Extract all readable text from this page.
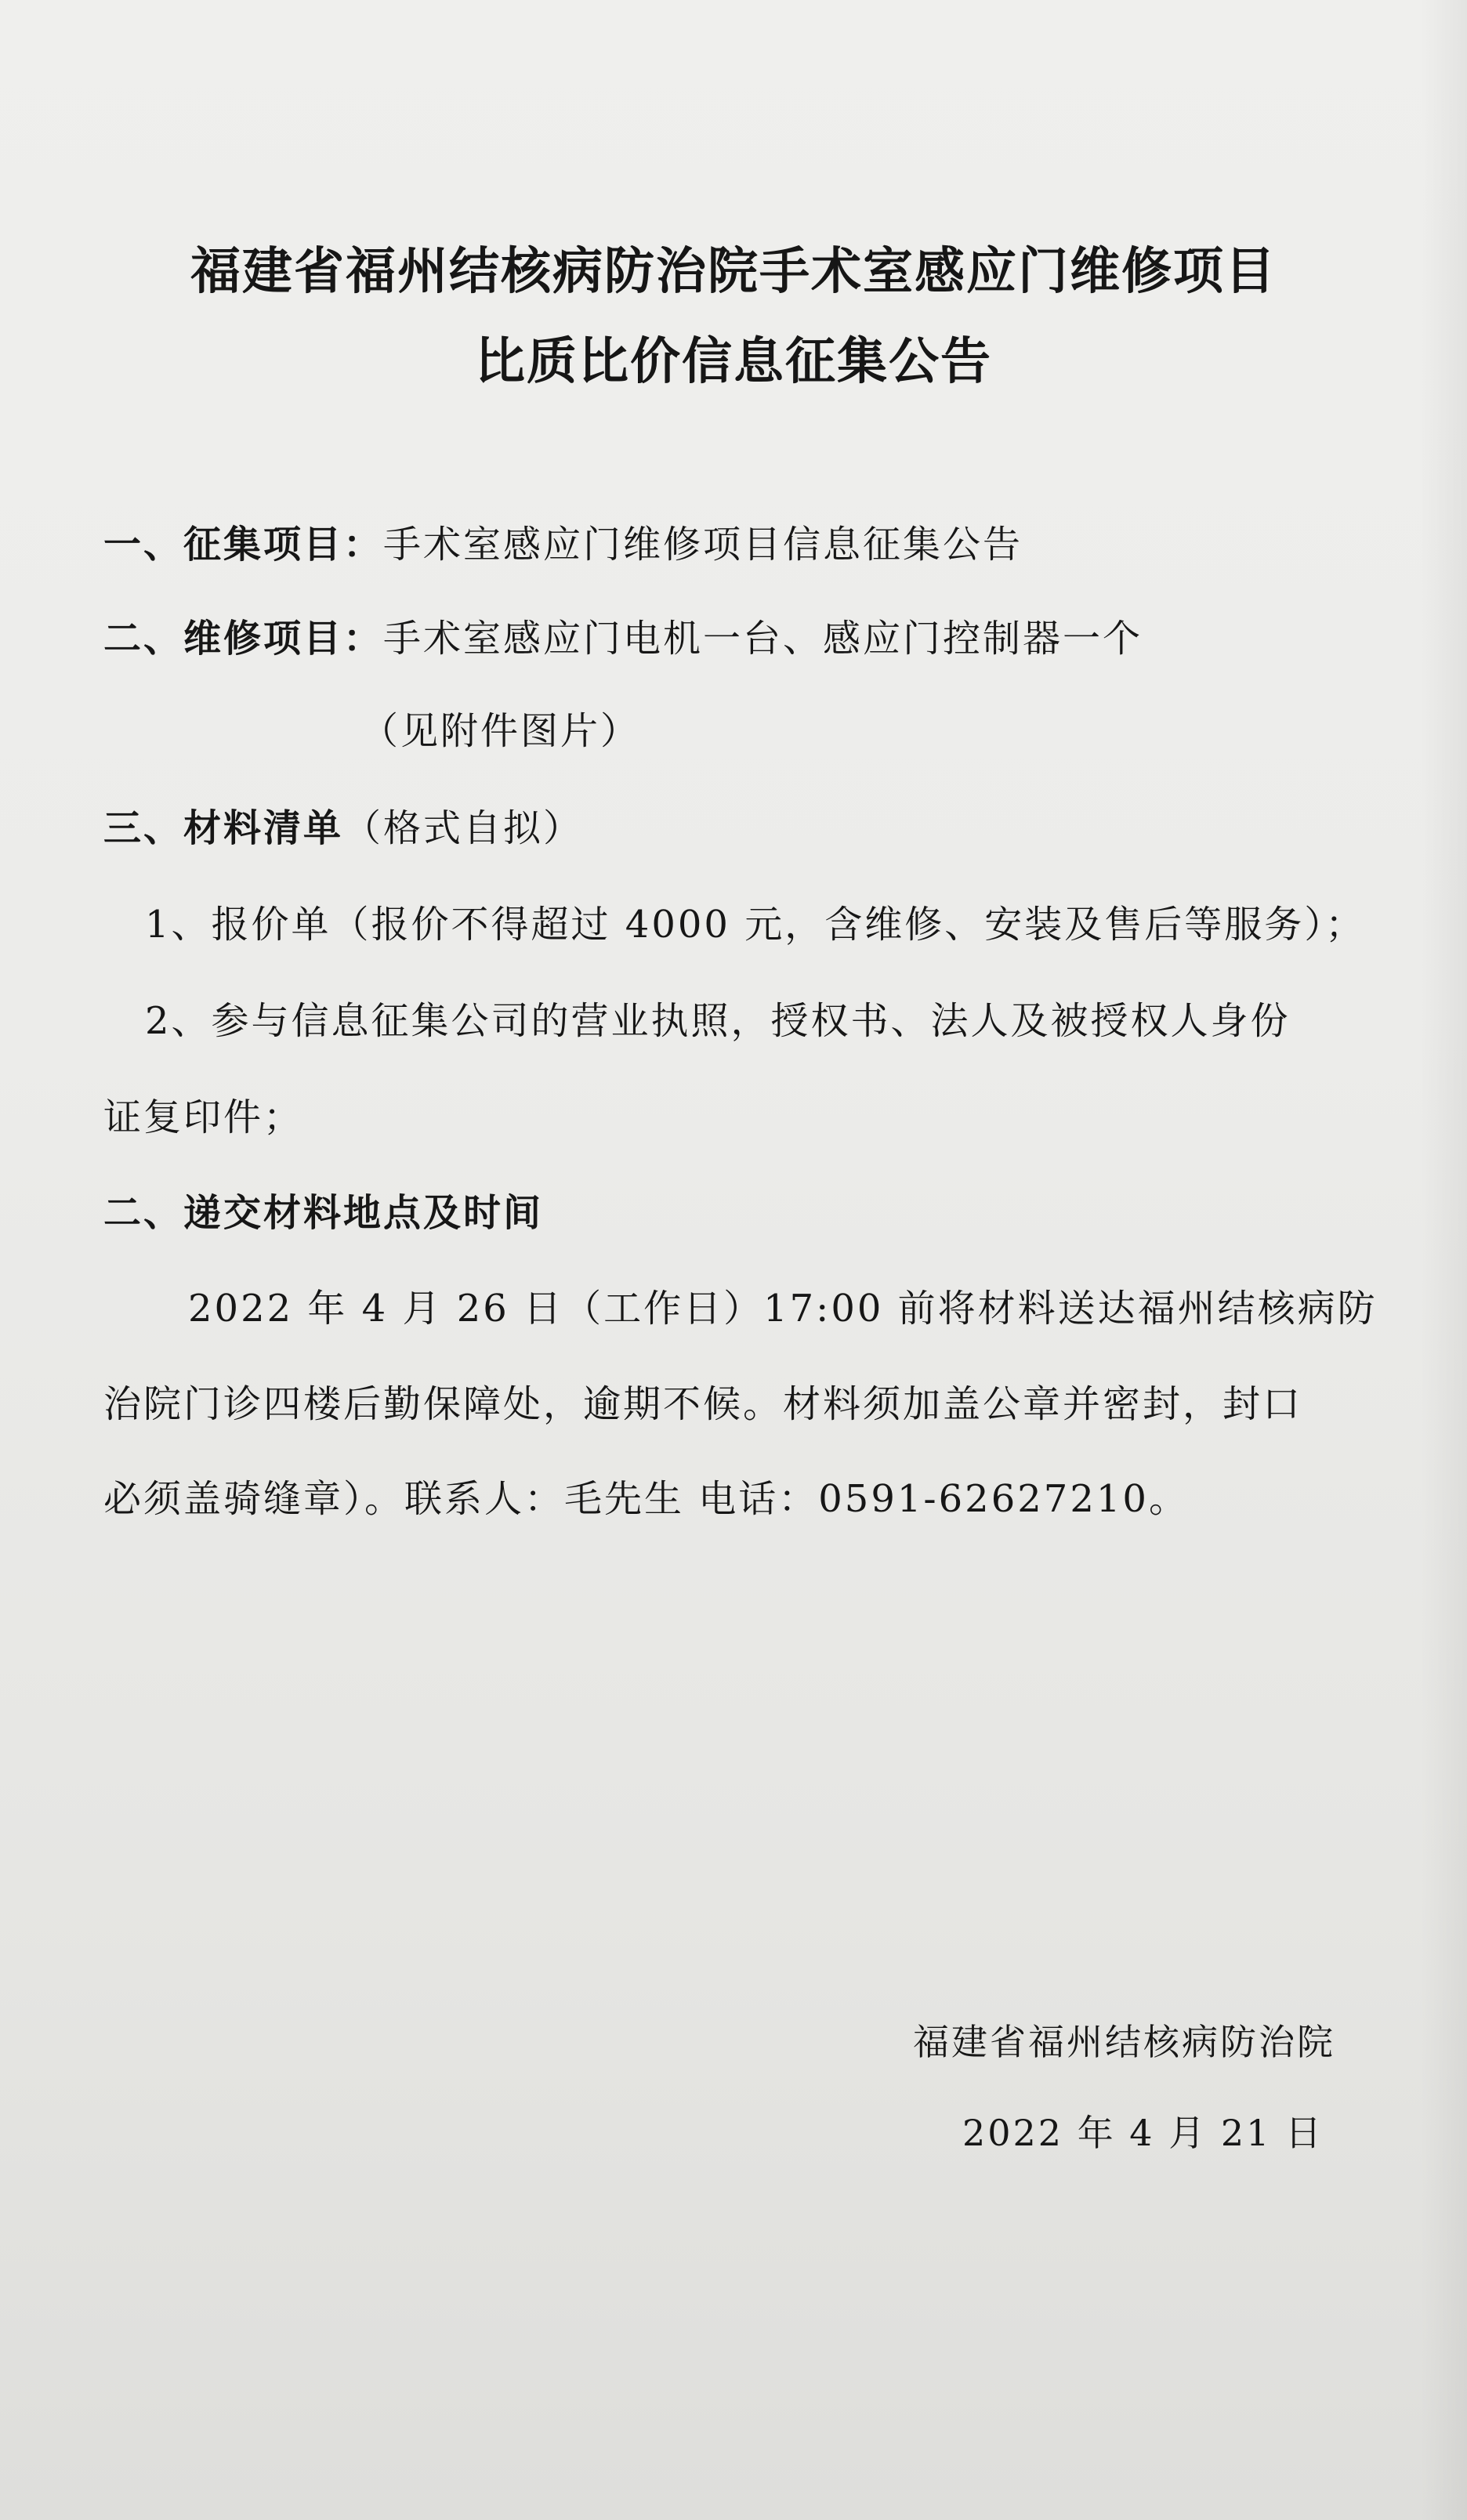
福建省福州结核病防治院手术室感应门维修项目
比质比价信息征集公告
一、征集项目：手术室感应门维修项目信息征集公告
二、维修项目：手术室感应门电机一台、感应门控制器一个
（见附件图片）
三、材料清单（格式自拟）
1、报价单（报价不得超过 4000 元，含维修、安装及售后等服务）；
2、参与信息征集公司的营业执照，授权书、法人及被授权人身份
证复印件；
二、递交材料地点及时间
2022 年 4 月 26 日（工作日）17:00 前将材料送达福州结核病防
治院门诊四楼后勤保障处，逾期不候。材料须加盖公章并密封，封口
必须盖骑缝章）。联系人：毛先生 电话：0591-62627210。
福建省福州结核病防治院
2022 年 4 月 21 日
